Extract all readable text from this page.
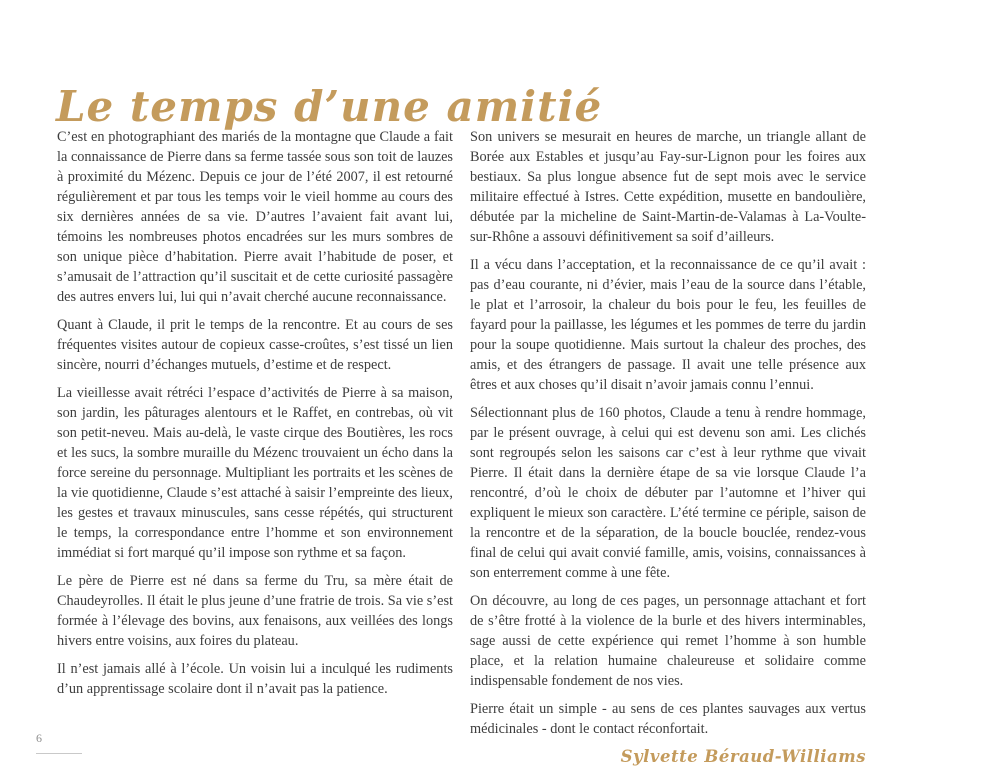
Le temps d’une amitié

C’est en photographiant des mariés de la montagne que Claude a fait la connaissance de Pierre dans sa ferme tassée sous son toit de lauzes à proximité du Mézenc. Depuis ce jour de l’été 2007, il est retourné régulièrement et par tous les temps voir le vieil homme au cours des six dernières années de sa vie. D’autres l’avaient fait avant lui, témoins les nombreuses photos encadrées sur les murs sombres de son unique pièce d’habitation. Pierre avait l’habitude de poser, et s’amusait de l’attraction qu’il suscitait et de cette curiosité passagère des autres envers lui, lui qui n’avait cherché aucune reconnaissance.

Quant à Claude, il prit le temps de la rencontre. Et au cours de ses fréquentes visites autour de copieux casse-croûtes, s’est tissé un lien sincère, nourri d’échanges mutuels, d’estime et de respect.

La vieillesse avait rétréci l’espace d’activités de Pierre à sa maison, son jardin, les pâturages alentours et le Raffet, en contrebas, où vit son petit-neveu. Mais au-delà, le vaste cirque des Boutières, les rocs et les sucs, la sombre muraille du Mézenc trouvaient un écho dans la force sereine du personnage. Multipliant les portraits et les scènes de la vie quotidienne, Claude s’est attaché à saisir l’empreinte des lieux, les gestes et travaux minuscules, sans cesse répétés, qui structurent le temps, la correspondance entre l’homme et son environnement immédiat si fort marqué qu’il impose son rythme et sa façon.

Le père de Pierre est né dans sa ferme du Tru, sa mère était de Chaudeyrolles. Il était le plus jeune d’une fratrie de trois. Sa vie s’est formée à l’élevage des bovins, aux fenaisons, aux veillées des longs hivers entre voisins, aux foires du plateau.

Il n’est jamais allé à l’école. Un voisin lui a inculqué les rudiments d’un apprentissage scolaire dont il n’avait pas la patience.

Son univers se mesurait en heures de marche, un triangle allant de Borée aux Estables et jusqu’au Fay-sur-Lignon pour les foires aux bestiaux. Sa plus longue absence fut de sept mois avec le service militaire effectué à Istres. Cette expédition, musette en bandoulière, débutée par la micheline de Saint-Martin-de-Valamas à La-Voulte-sur-Rhône a assouvi définitivement sa soif d’ailleurs.

Il a vécu dans l’acceptation, et la reconnaissance de ce qu’il avait : pas d’eau courante, ni d’évier, mais l’eau de la source dans l’étable, le plat et l’arrosoir, la chaleur du bois pour le feu, les feuilles de fayard pour la paillasse, les légumes et les pommes de terre du jardin pour la soupe quotidienne. Mais surtout la chaleur des proches, des amis, et des étrangers de passage. Il avait une telle présence aux êtres et aux choses qu’il disait n’avoir jamais connu l’ennui.

Sélectionnant plus de 160 photos, Claude a tenu à rendre hommage, par le présent ouvrage, à celui qui est devenu son ami. Les clichés sont regroupés selon les saisons car c’est à leur rythme que vivait Pierre. Il était dans la dernière étape de sa vie lorsque Claude l’a rencontré, d’où le choix de débuter par l’automne et l’hiver qui expliquent le mieux son caractère. L’été termine ce périple, saison de la rencontre et de la séparation, de la boucle bouclée, rendez-vous final de celui qui avait convié famille, amis, voisins, connaissances à son enterrement comme à une fête.

On découvre, au long de ces pages, un personnage attachant et fort de s’être frotté à la violence de la burle et des hivers interminables, sage aussi de cette expérience qui remet l’homme à son humble place, et la relation humaine chaleureuse et solidaire comme indispensable fondement de nos vies.

Pierre était un simple - au sens de ces plantes sauvages aux vertus médicinales - dont le contact réconfortait.

Sylvette Béraud-Williams
6
